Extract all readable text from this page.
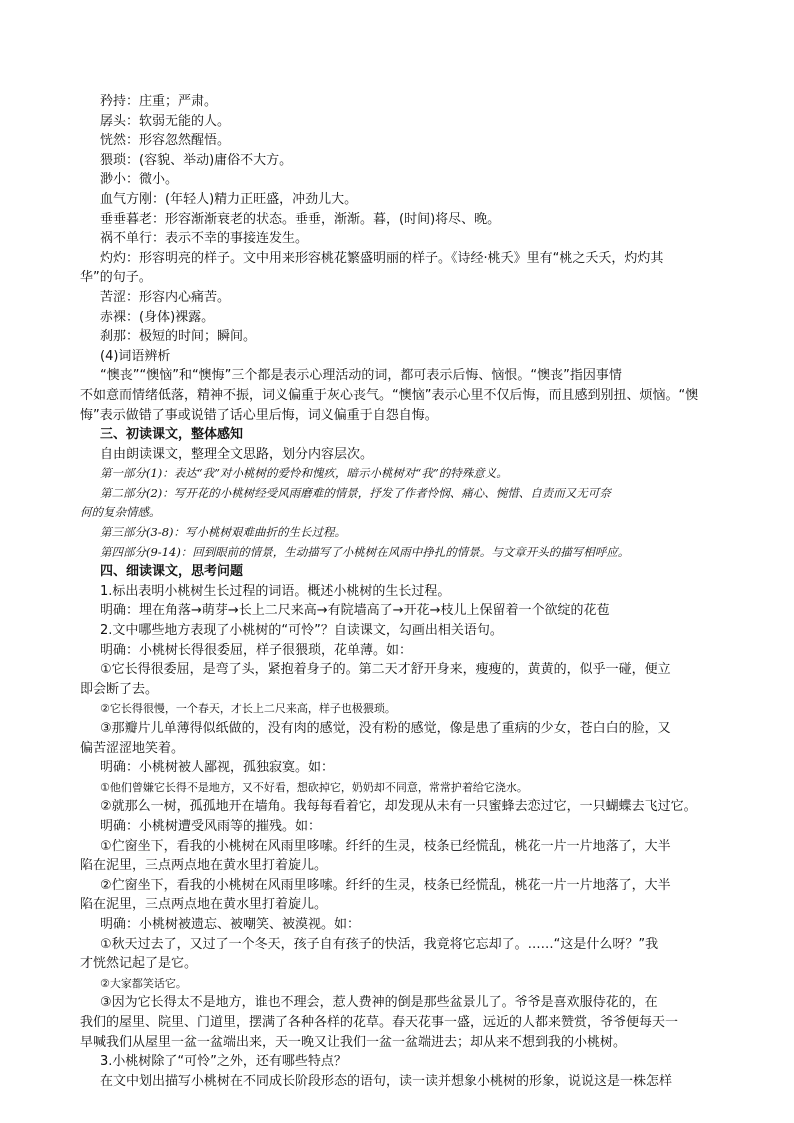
矜持：庄重；严肃。
孱头：软弱无能的人。
恍然：形容忽然醒悟。
猥琐：(容貌、举动)庸俗不大方。
渺小：微小。
血气方刚：(年轻人)精力正旺盛，冲劲儿大。
垂垂暮老：形容渐渐衰老的状态。垂垂，渐渐。暮，(时间)将尽、晚。
祸不单行：表示不幸的事接连发生。
灼灼：形容明亮的样子。文中用来形容桃花繁盛明丽的样子。《诗经·桃夭》里有“桃之夭夭，灼灼其
华”的句子。
苦涩：形容内心痛苦。
赤裸：(身体)裸露。
刹那：极短的时间；瞬间。
(4)词语辨析
“懊丧”“懊恼”和“懊悔”三个都是表示心理活动的词，都可表示后悔、恼恨。“懊丧”指因事情
不如意而情绪低落，精神不振，词义偏重于灰心丧气。“懊恼”表示心里不仅后悔，而且感到别扭、烦恼。“懊
悔”表示做错了事或说错了话心里后悔，词义偏重于自怨自悔。
三、初读课文，整体感知
自由朗读课文，整理全文思路，划分内容层次。
第一部分(1)：表达“我”对小桃树的爱怜和愧疚，暗示小桃树对“我”的特殊意义。
第二部分(2)：写开花的小桃树经受风雨磨难的情景，抒发了作者怜悯、痛心、惋惜、自责而又无可奈
何的复杂情感。
第三部分(3-8)：写小桃树艰难曲折的生长过程。
第四部分(9-14)：回到眼前的情景，生动描写了小桃树在风雨中挣扎的情景。与文章开头的描写相呼应。
四、细读课文，思考问题
1.标出表明小桃树生长过程的词语。概述小桃树的生长过程。
明确：埋在角落→萌芽→长上二尺来高→有院墙高了→开花→枝儿上保留着一个欲绽的花苞
2.文中哪些地方表现了小桃树的“可怜”？自读课文，勾画出相关语句。
明确：小桃树长得很委屈，样子很猥琐，花单薄。如：
①它长得很委屈，是弯了头，紧抱着身子的。第二天才舒开身来，瘦瘦的，黄黄的，似乎一碰，便立
即会断了去。
②它长得很慢，一个春天，才长上二尺来高，样子也极猥琐。
③那瓣片儿单薄得似纸做的，没有肉的感觉，没有粉的感觉，像是患了重病的少女，苍白白的脸，又
偏苦涩涩地笑着。
明确：小桃树被人鄙视，孤独寂寞。如：
①他们曾嫌它长得不是地方，又不好看，想砍掉它，奶奶却不同意，常常护着给它浇水。
②就那么一树，孤孤地开在墙角。我每每看着它，却发现从未有一只蜜蜂去恋过它，一只蝴蝶去飞过它。
明确：小桃树遭受风雨等的摧残。如：
①伫窗坐下，看我的小桃树在风雨里哆嗦。纤纤的生灵，枝条已经慌乱，桃花一片一片地落了，大半
陷在泥里，三点两点地在黄水里打着旋儿。
②伫窗坐下，看我的小桃树在风雨里哆嗦。纤纤的生灵，枝条已经慌乱，桃花一片一片地落了，大半
陷在泥里，三点两点地在黄水里打着旋儿。
明确：小桃树被遗忘、被嘲笑、被漠视。如：
①秋天过去了，又过了一个冬天，孩子自有孩子的快活，我竟将它忘却了。……“这是什么呀？”我
才恍然记起了是它。
②大家都笑话它。
③因为它长得太不是地方，谁也不理会，惹人费神的倒是那些盆景儿了。爷爷是喜欢服侍花的，在
我们的屋里、院里、门道里，摆满了各种各样的花草。春天花事一盛，远近的人都来赞赏，爷爷便每天一
早喊我们从屋里一盆一盆端出来，天一晚又让我们一盆一盆端进去；却从来不想到我的小桃树。
3.小桃树除了“可怜”之外，还有哪些特点？
在文中划出描写小桃树在不同成长阶段形态的语句，读一读并想象小桃树的形象，说说这是一株怎样
